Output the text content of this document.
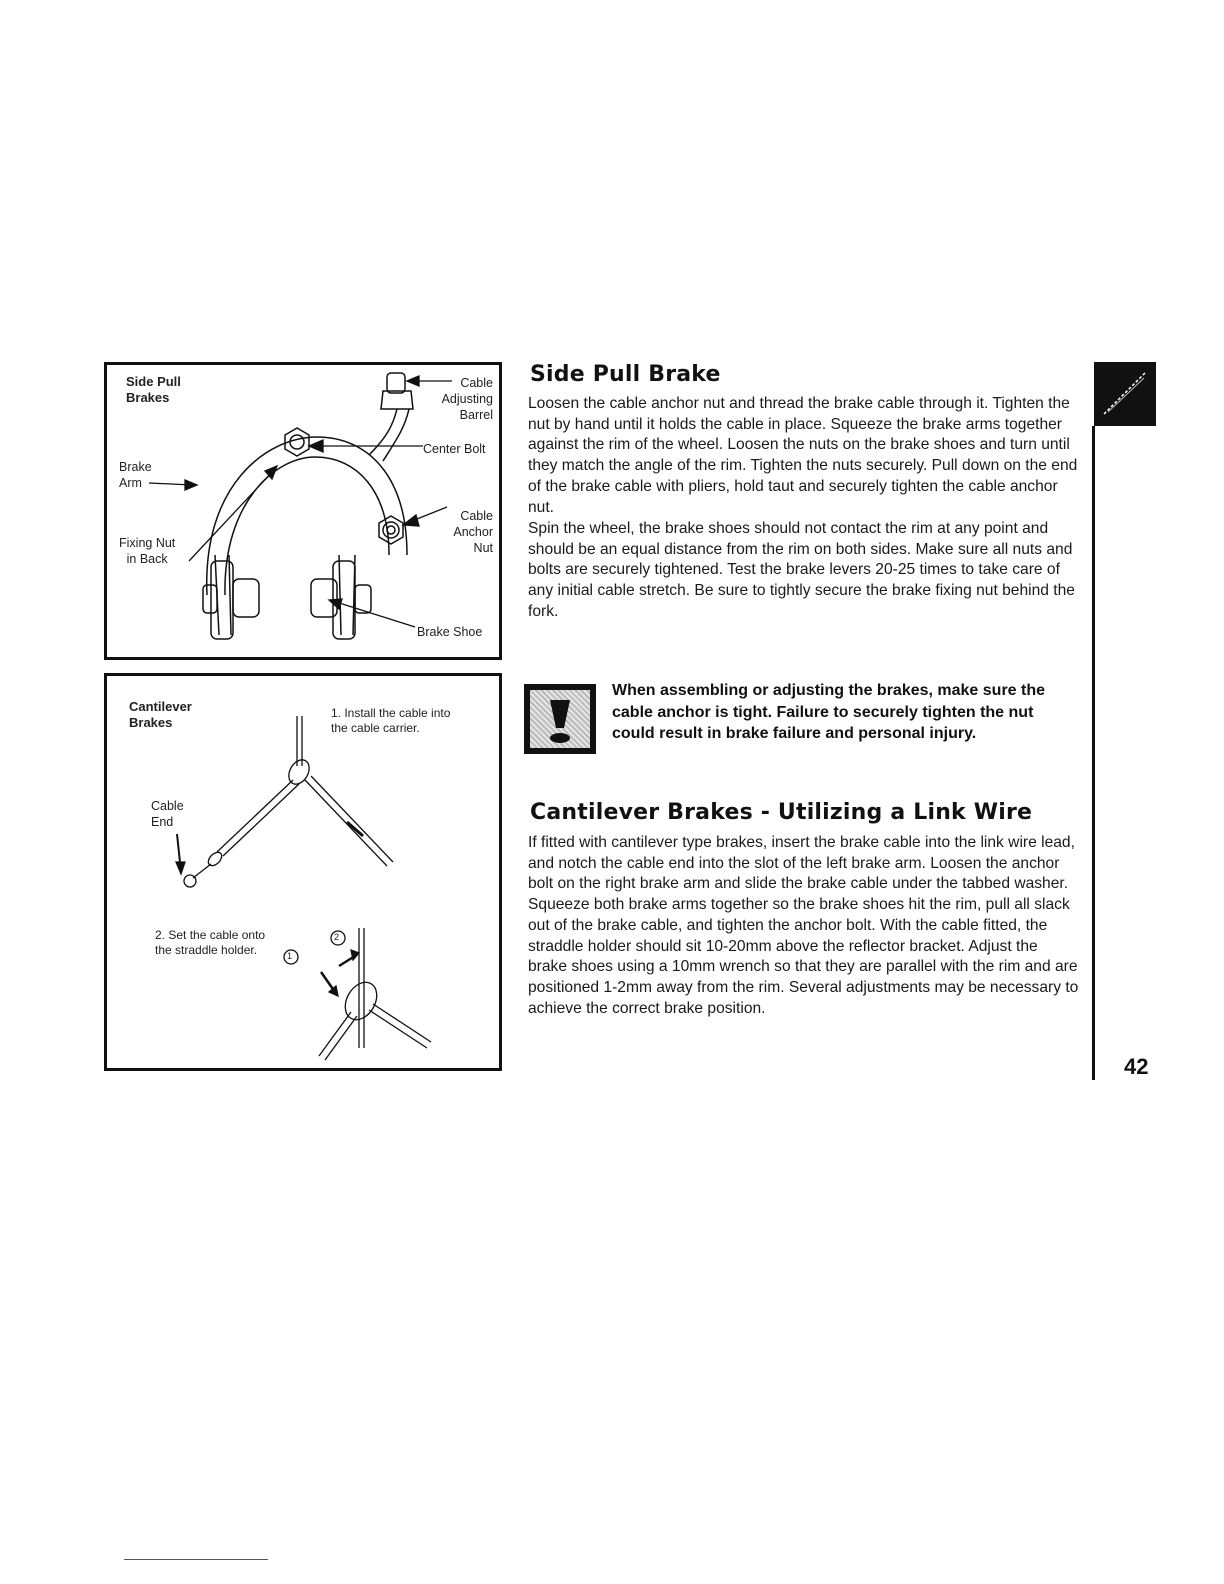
Side Pull
Brakes
Cable
Adjusting
Barrel
Center Bolt
Brake
Arm
Cable
Anchor
Nut
Fixing Nut
in Back
Brake Shoe
Cantilever
Brakes
1. Install the cable into
the cable carrier.
Cable
End
2. Set the cable onto
the straddle holder.	1
2
Side Pull Brake

Loosen the cable anchor nut and thread the brake cable through it. Tighten the nut by hand until it holds the cable in place. Squeeze the brake arms together against the rim of the wheel. Loosen the nuts on the brake shoes and turn until they match the angle of the rim. Tighten the nuts securely. Pull down on the end of the brake cable with pliers, hold taut and securely tighten the cable anchor nut.

Spin the wheel, the brake shoes should not contact the rim at any point and should be an equal distance from the rim on both sides. Make sure all nuts and bolts are securely tightened. Test the brake levers 20-25 times to take care of any initial cable stretch. Be sure to tightly secure the brake fixing nut behind the fork.

When assembling or adjusting the brakes, make sure the cable anchor is tight. Failure to securely tighten the nut could result in brake failure and personal injury.

Cantilever Brakes - Utilizing a Link Wire

If fitted with cantilever type brakes, insert the brake cable into the link wire lead, and notch the cable end into the slot of the left brake arm. Loosen the anchor bolt on the right brake arm and slide the brake cable under the tabbed washer. Squeeze both brake arms together so the brake shoes hit the rim, pull all slack out of the brake cable, and tighten the anchor bolt. With the cable fitted, the straddle holder should sit 10-20mm above the reflector bracket. Adjust the brake shoes using a 10mm wrench so that they are parallel with the rim and are positioned 1-2mm away from the rim. Several adjustments may be necessary to achieve the correct brake position.

42
